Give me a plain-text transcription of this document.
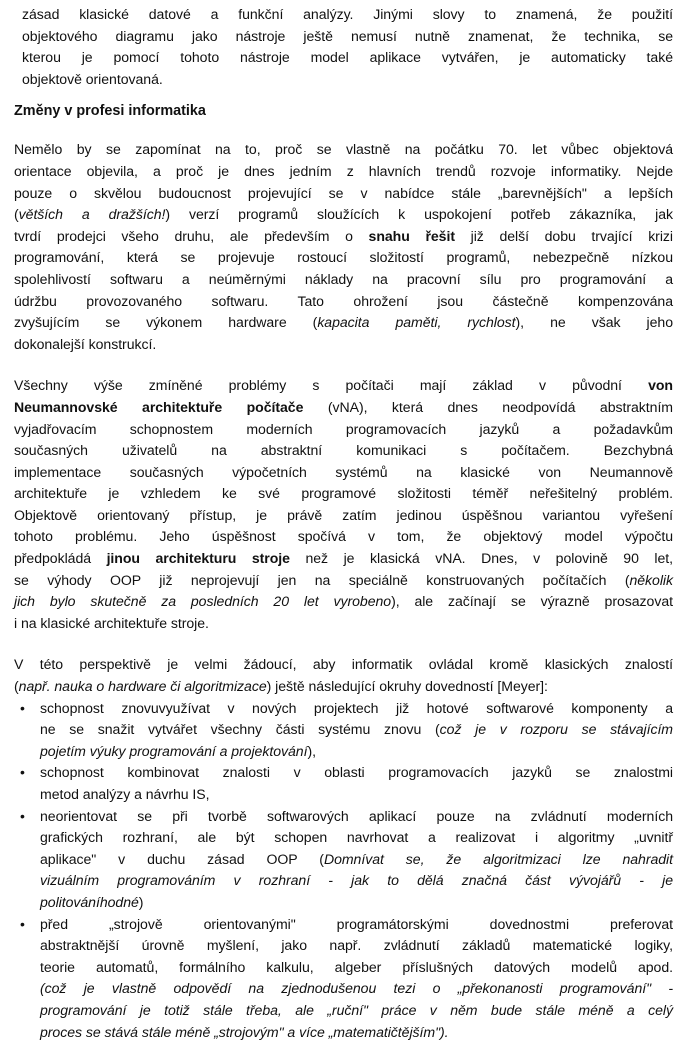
zásad klasické datové a funkční analýzy. Jinými slovy to znamená, že použití
objektového diagramu jako nástroje ještě nemusí nutně znamenat, že technika, se
kterou je pomocí tohoto nástroje model aplikace vytvářen, je automaticky také
objektově orientovaná.
Změny v profesi informatika
Nemělo by se zapomínat na to, proč se vlastně na počátku 70. let vůbec objektová
orientace objevila, a proč je dnes jedním z hlavních trendů rozvoje informatiky. Nejde
pouze o skvělou budoucnost projevující se v nabídce stále „barevnějších" a lepších
(větších a dražších!) verzí programů sloužících k uspokojení potřeb zákazníka, jak
tvrdí prodejci všeho druhu, ale především o snahu řešit již delší dobu trvající krizi
programování, která se projevuje rostoucí složitostí programů, nebezpečně nízkou
spolehlivostí softwaru a neúměrnými náklady na pracovní sílu pro programování a
údržbu provozovaného softwaru. Tato ohrožení jsou částečně kompenzována
zvyšujícím se výkonem hardware (kapacita paměti, rychlost), ne však jeho
dokonalejší konstrukcí.
Všechny výše zmíněné problémy s počítači mají základ v původní von
Neumannovské architektuře počítače (vNA), která dnes neodpovídá abstraktním
vyjadřovacím schopnostem moderních programovacích jazyků a požadavkům
současných uživatelů na abstraktní komunikaci s počítačem. Bezchybná
implementace současných výpočetních systémů na klasické von Neumannově
architektuře je vzhledem ke své programové složitosti téměř neřešitelný problém.
Objektově orientovaný přístup, je právě zatím jedinou úspěšnou variantou vyřešení
tohoto problému. Jeho úspěšnost spočívá v tom, že objektový model výpočtu
předpokládá jinou architekturu stroje než je klasická vNA. Dnes, v polovině 90 let,
se výhody OOP již neprojevují jen na speciálně konstruovaných počítačích (několik
jich bylo skutečně za posledních 20 let vyrobeno), ale začínají se výrazně prosazovat
i na klasické architektuře stroje.
V této perspektivě je velmi žádoucí, aby informatik ovládal kromě klasických znalostí
(např. nauka o hardware či algoritmizace) ještě následující okruhy dovedností [Meyer]:
• schopnost znovuvyužívat v nových projektech již hotové softwarové komponenty a
ne se snažit vytvářet všechny části systému znovu (což je v rozporu se stávajícím
pojetím výuky programování a projektování),
• schopnost kombinovat znalosti v oblasti programovacích jazyků se znalostmi
metod analýzy a návrhu IS,
• neorientovat se při tvorbě softwarových aplikací pouze na zvládnutí moderních
grafických rozhraní, ale být schopen navrhovat a realizovat i algoritmy „uvnitř
aplikace" v duchu zásad OOP (Domnívat se, že algoritmizaci lze nahradit
vizuálním programováním v rozhraní - jak to dělá značná část vývojářů - je
politováníhodné)
• před „strojově orientovanými" programátorskými dovednostmi preferovat
abstraktnější úrovně myšlení, jako např. zvládnutí základů matematické logiky,
teorie automatů, formálního kalkulu, algeber příslušných datových modelů apod.
(což je vlastně odpovědí na zjednodušenou tezi o „překonanosti programování" -
programování je totiž stále třeba, ale „ruční" práce v něm bude stále méně a celý
proces se stává stále méně „strojovým" a více „matematičtějším").
